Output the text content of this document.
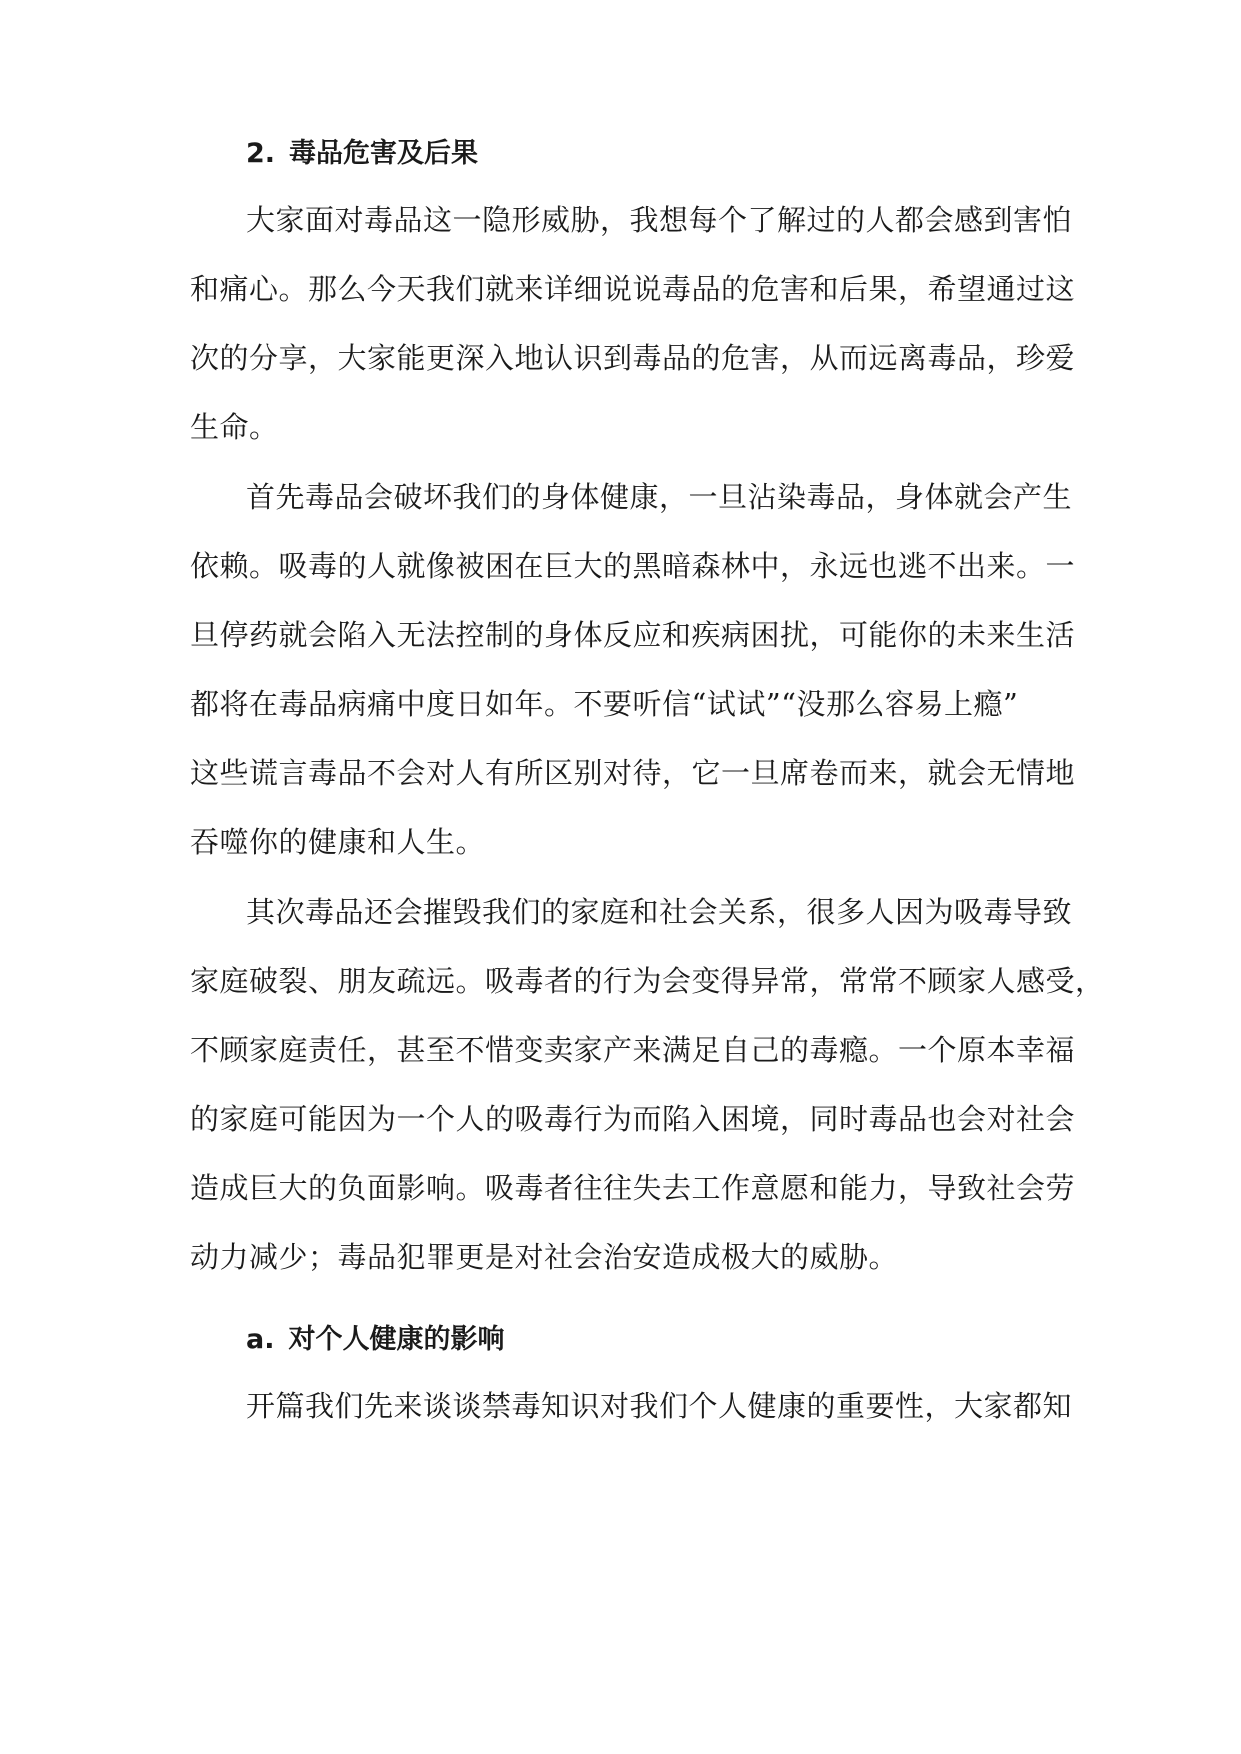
2. 毒品危害及后果
大家面对毒品这一隐形威胁，我想每个了解过的人都会感到害怕
和痛心。那么今天我们就来详细说说毒品的危害和后果，希望通过这
次的分享，大家能更深入地认识到毒品的危害，从而远离毒品，珍爱
生命。
首先毒品会破坏我们的身体健康，一旦沾染毒品，身体就会产生
依赖。吸毒的人就像被困在巨大的黑暗森林中，永远也逃不出来。一
旦停药就会陷入无法控制的身体反应和疾病困扰，可能你的未来生活
都将在毒品病痛中度日如年。不要听信“试试”“没那么容易上瘾”
这些谎言毒品不会对人有所区别对待，它一旦席卷而来，就会无情地
吞噬你的健康和人生。
其次毒品还会摧毁我们的家庭和社会关系，很多人因为吸毒导致
家庭破裂、朋友疏远。吸毒者的行为会变得异常，常常不顾家人感受，
不顾家庭责任，甚至不惜变卖家产来满足自己的毒瘾。一个原本幸福
的家庭可能因为一个人的吸毒行为而陷入困境，同时毒品也会对社会
造成巨大的负面影响。吸毒者往往失去工作意愿和能力，导致社会劳
动力减少；毒品犯罪更是对社会治安造成极大的威胁。
a. 对个人健康的影响
开篇我们先来谈谈禁毒知识对我们个人健康的重要性，大家都知
